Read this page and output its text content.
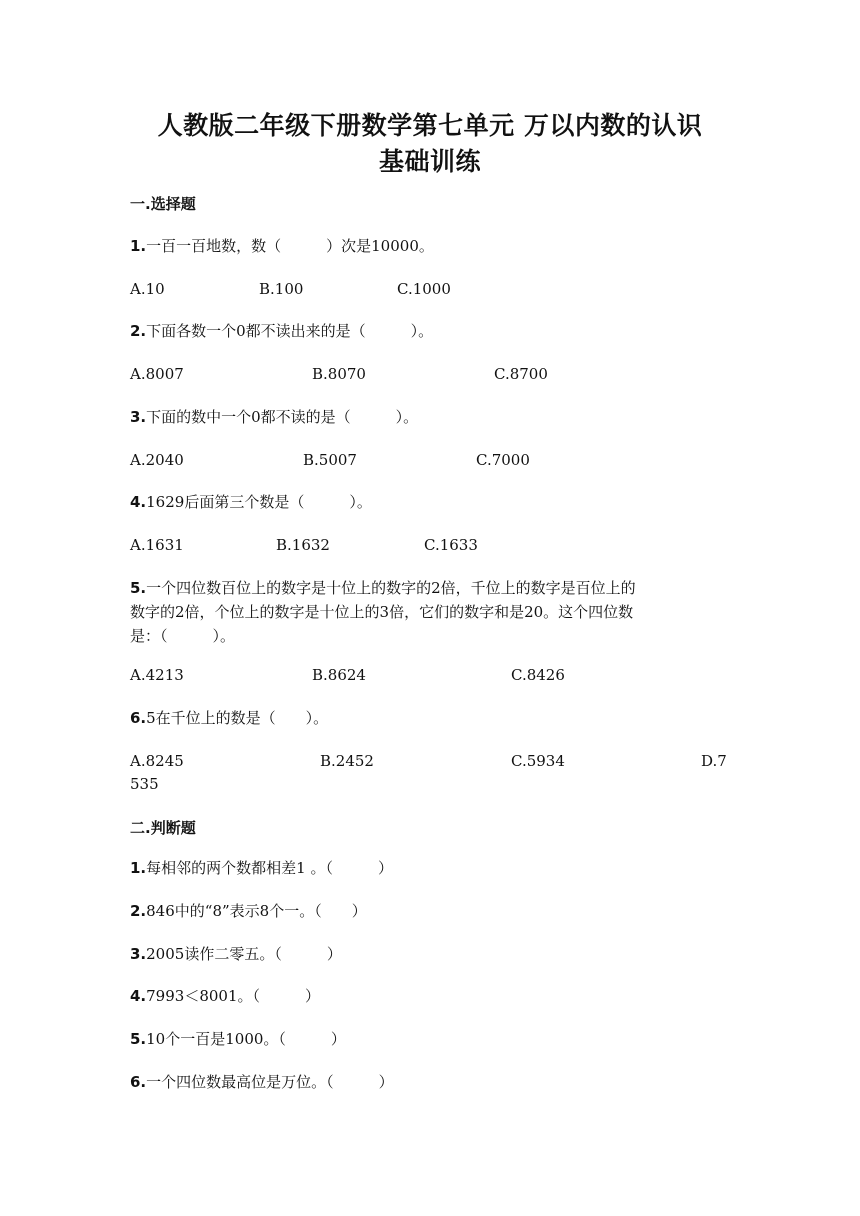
人教版二年级下册数学第七单元 万以内数的认识
基础训练
一.选择题
1.一百一百地数，数（　　　）次是10000。
A.10	B.100	C.1000
2.下面各数一个0都不读出来的是（　　　）。
A.8007	B.8070	C.8700
3.下面的数中一个0都不读的是（　　　）。
A.2040	B.5007	C.7000
4.1629后面第三个数是（　　　）。
A.1631	B.1632	C.1633
5.一个四位数百位上的数字是十位上的数字的2倍，千位上的数字是百位上的
数字的2倍，个位上的数字是十位上的3倍，它们的数字和是20。这个四位数
是：（　　　）。
A.4213	B.8624	C.8426
6.5在千位上的数是（　　）。
A.8245	B.2452	C.5934	D.7
535
二.判断题
1.每相邻的两个数都相差1 。（　　　）
2.846中的“8”表示8个一。（　　）
3.2005读作二零五。（　　　）
4.7993＜8001。（　　　）
5.10个一百是1000。（　　　）
6.一个四位数最高位是万位。（　　　）
